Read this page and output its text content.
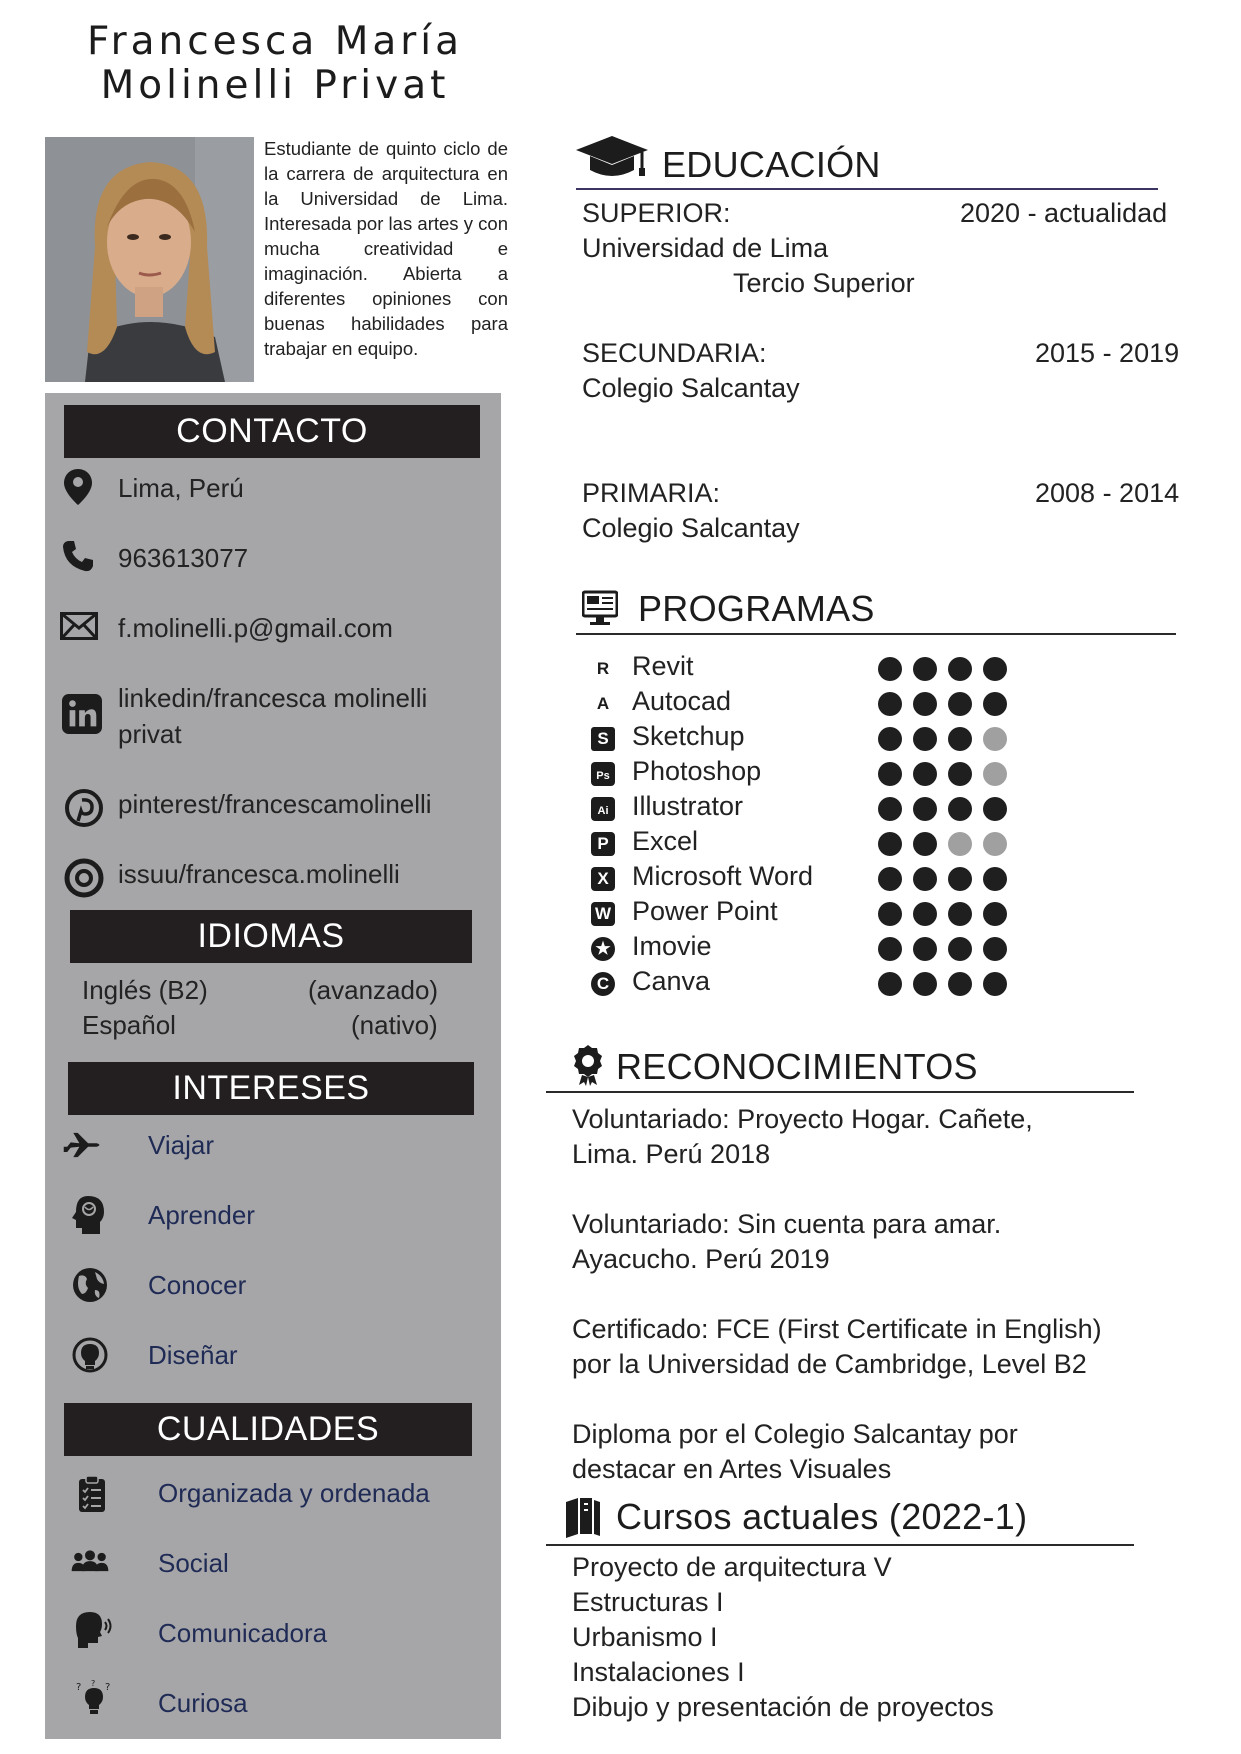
Francesca María
Molinelli Privat
Estudiante de quinto ciclo de la carrera de arquitectura en la Universidad de Lima. Interesada por las artes y con mucha creatividad e imaginación. Abierta a diferentes opiniones con buenas habilidades para trabajar en equipo.
CONTACTO
Lima, Perú
963613077
f.molinelli.p@gmail.com
linkedin/francesca molinelli
privat
pinterest/francescamolinelli
issuu/francesca.molinelli
IDIOMAS
Inglés (B2)	(avanzado)
Español	(nativo)
INTERESES
Viajar
Aprender
Conocer
Diseñar
CUALIDADES
Organizada y ordenada
Social
Comunicadora
? ?
?
Curiosa
EDUCACIÓN
SUPERIOR:	2020 - actualidad
Universidad de Lima
Tercio Superior
SECUNDARIA:	2015 - 2019
Colegio Salcantay
PRIMARIA:	2008 - 2014
Colegio Salcantay
PROGRAMAS
R Revit
A Autocad
S Sketchup
Ps Photoshop
Ai Illustrator
P Excel
X Microsoft Word
W Power Point
★ Imovie
C Canva
RECONOCIMIENTOS
Voluntariado: Proyecto Hogar. Cañete,
Lima. Perú 2018
Voluntariado: Sin cuenta para amar.
Ayacucho. Perú 2019
Certificado: FCE (First Certificate in English)
por la Universidad de Cambridge, Level B2
Diploma por el Colegio Salcantay por
destacar en Artes Visuales
Cursos actuales (2022-1)
Proyecto de arquitectura V
Estructuras I
Urbanismo I
Instalaciones I
Dibujo y presentación de proyectos
